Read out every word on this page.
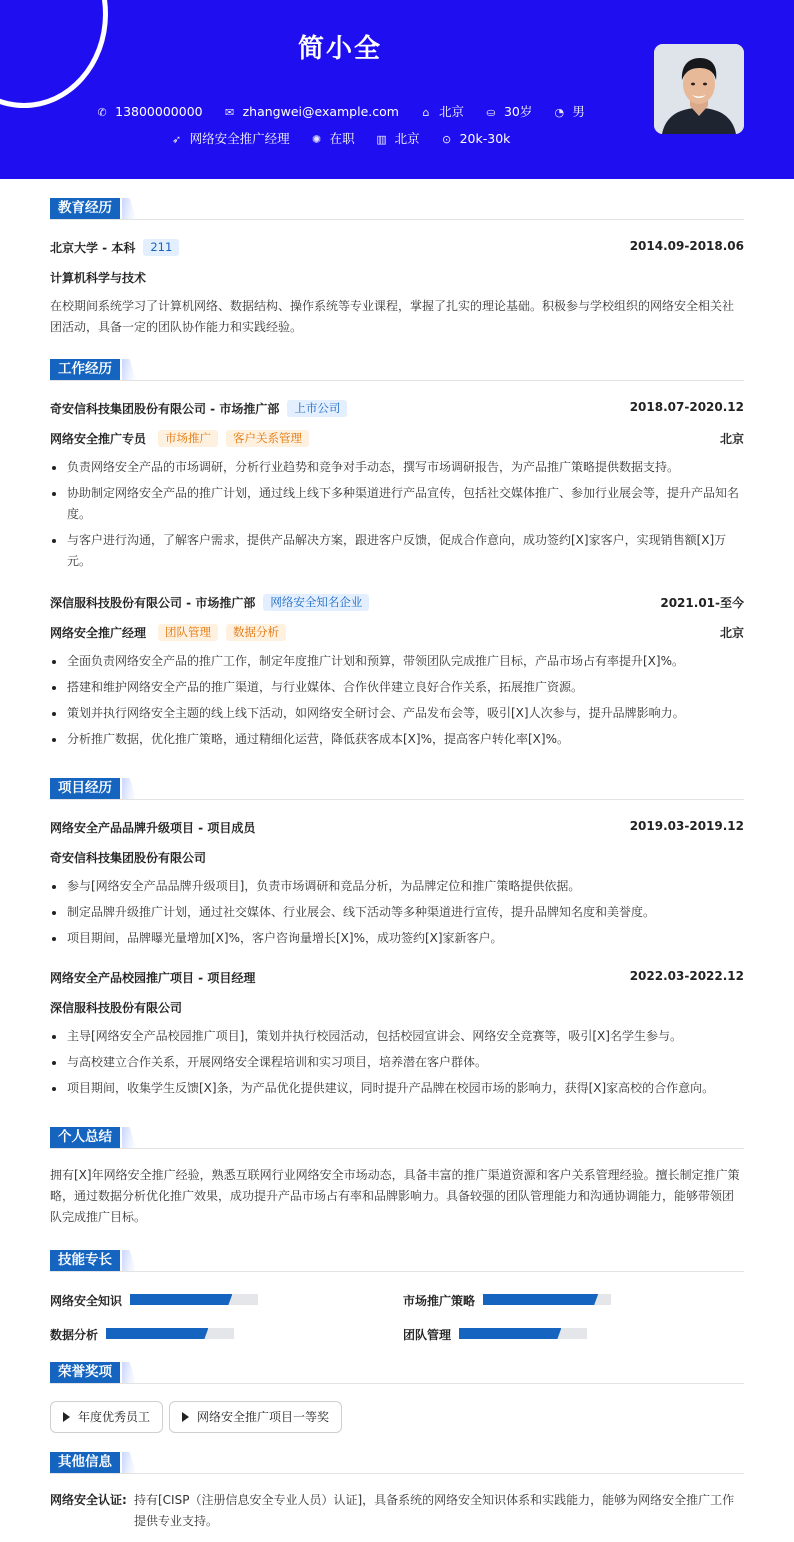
简小全
✆ 13800000000 ✉ zhangwei@example.com ⌂ 北京 ⛀ 30岁 ◔ 男
➶ 网络安全推广经理 ✺ 在职 ▥ 北京 ⊙ 20k-30k
教育经历
北京大学 - 本科 211	2014.09-2018.06
计算机科学与技术
在校期间系统学习了计算机网络、数据结构、操作系统等专业课程，掌握了扎实的理论基础。积极参与学校组织的网络安全相关社团活动，具备一定的团队协作能力和实践经验。
工作经历
奇安信科技集团股份有限公司 - 市场推广部 上市公司	2018.07-2020.12
网络安全推广专员 市场推广 客户关系管理	北京
负责网络安全产品的市场调研，分析行业趋势和竞争对手动态，撰写市场调研报告，为产品推广策略提供数据支持。
协助制定网络安全产品的推广计划，通过线上线下多种渠道进行产品宣传，包括社交媒体推广、参加行业展会等，提升产品知名度。
与客户进行沟通，了解客户需求，提供产品解决方案，跟进客户反馈，促成合作意向，成功签约[X]家客户，实现销售额[X]万元。
深信服科技股份有限公司 - 市场推广部 网络安全知名企业	2021.01-至今
网络安全推广经理 团队管理 数据分析	北京
全面负责网络安全产品的推广工作，制定年度推广计划和预算，带领团队完成推广目标，产品市场占有率提升[X]%。
搭建和维护网络安全产品的推广渠道，与行业媒体、合作伙伴建立良好合作关系，拓展推广资源。
策划并执行网络安全主题的线上线下活动，如网络安全研讨会、产品发布会等，吸引[X]人次参与，提升品牌影响力。
分析推广数据，优化推广策略，通过精细化运营，降低获客成本[X]%，提高客户转化率[X]%。
项目经历
网络安全产品品牌升级项目 - 项目成员	2019.03-2019.12
奇安信科技集团股份有限公司
参与[网络安全产品品牌升级项目]，负责市场调研和竞品分析，为品牌定位和推广策略提供依据。
制定品牌升级推广计划，通过社交媒体、行业展会、线下活动等多种渠道进行宣传，提升品牌知名度和美誉度。
项目期间，品牌曝光量增加[X]%，客户咨询量增长[X]%，成功签约[X]家新客户。
网络安全产品校园推广项目 - 项目经理	2022.03-2022.12
深信服科技股份有限公司
主导[网络安全产品校园推广项目]，策划并执行校园活动，包括校园宣讲会、网络安全竞赛等，吸引[X]名学生参与。
与高校建立合作关系，开展网络安全课程培训和实习项目，培养潜在客户群体。
项目期间，收集学生反馈[X]条，为产品优化提供建议，同时提升产品牌在校园市场的影响力，获得[X]家高校的合作意向。
个人总结
拥有[X]年网络安全推广经验，熟悉互联网行业网络安全市场动态，具备丰富的推广渠道资源和客户关系管理经验。擅长制定推广策略，通过数据分析优化推广效果，成功提升产品市场占有率和品牌影响力。具备较强的团队管理能力和沟通协调能力，能够带领团队完成推广目标。
技能专长
网络安全知识	市场推广策略
数据分析	团队管理
荣誉奖项
年度优秀员工	网络安全推广项目一等奖
其他信息
网络安全认证: 持有[CISP（注册信息安全专业人员）认证]，具备系统的网络安全知识体系和实践能力，能够为网络安全推广工作提供专业支持。
